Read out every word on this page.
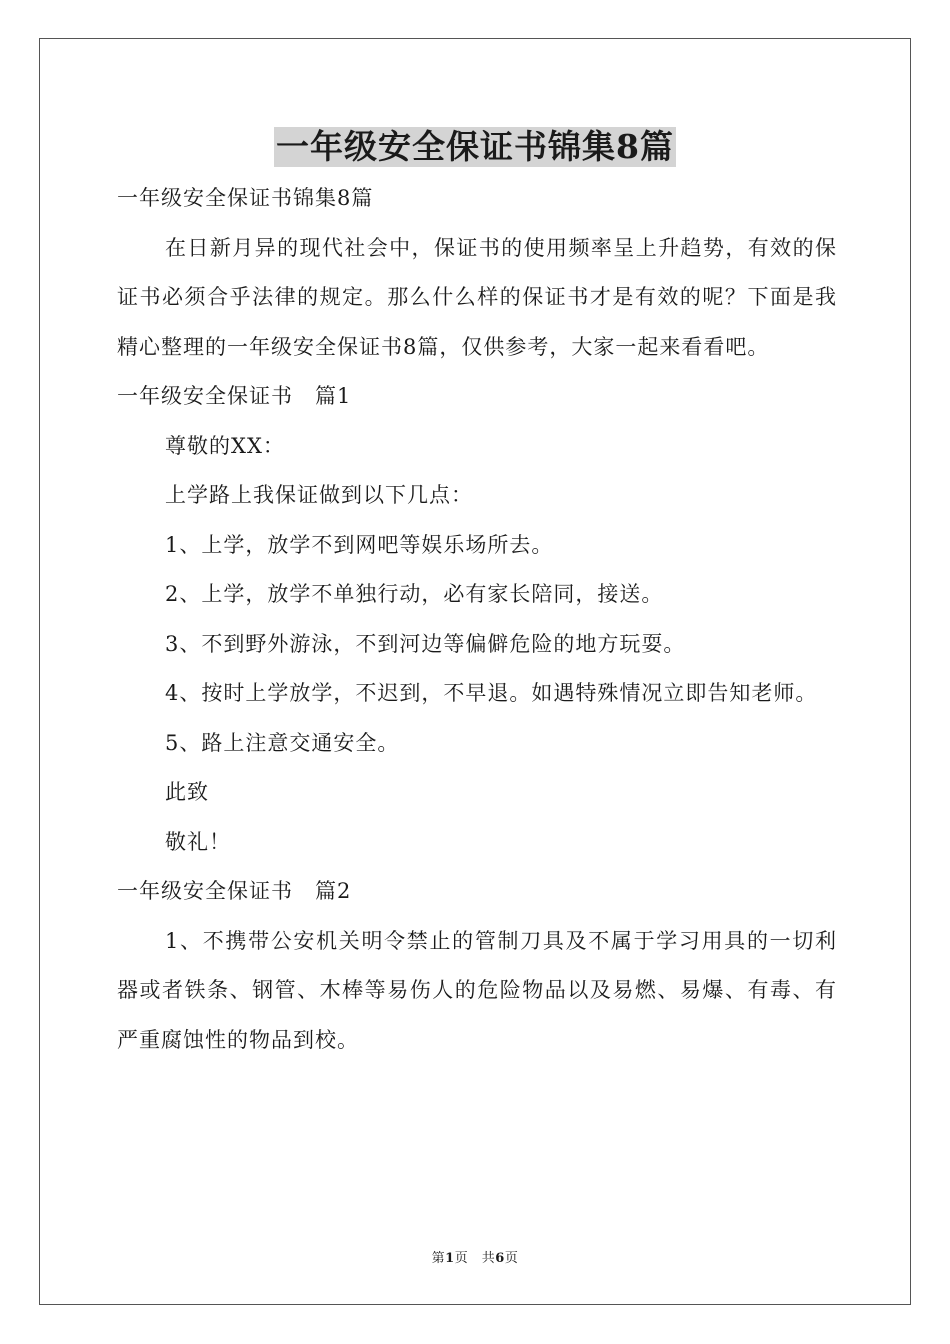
一年级安全保证书锦集8篇
一年级安全保证书锦集8篇
在日新月异的现代社会中，保证书的使用频率呈上升趋势，有效的保证书必须合乎法律的规定。那么什么样的保证书才是有效的呢？下面是我精心整理的一年级安全保证书8篇，仅供参考，大家一起来看看吧。
一年级安全保证书　篇1
尊敬的XX：
上学路上我保证做到以下几点：
1、上学，放学不到网吧等娱乐场所去。
2、上学，放学不单独行动，必有家长陪同，接送。
3、不到野外游泳，不到河边等偏僻危险的地方玩耍。
4、按时上学放学，不迟到，不早退。如遇特殊情况立即告知老师。
5、路上注意交通安全。
此致
敬礼！
一年级安全保证书　篇2
1、不携带公安机关明令禁止的管制刀具及不属于学习用具的一切利器或者铁条、钢管、木棒等易伤人的危险物品以及易燃、易爆、有毒、有严重腐蚀性的物品到校。
第1页　 共6页
